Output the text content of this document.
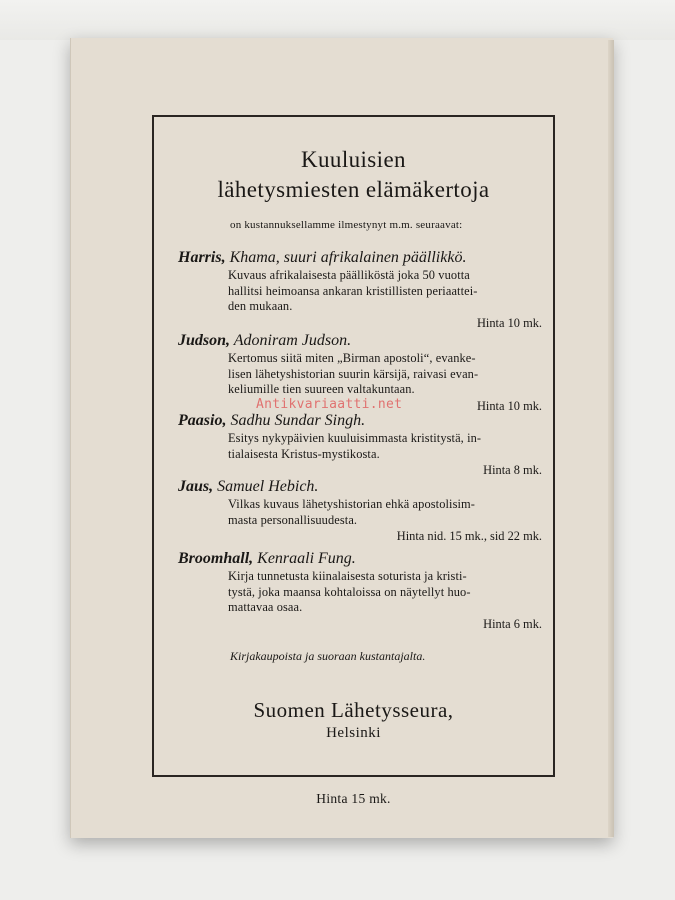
Kuuluisien
lähetysmiesten elämäkertoja
on kustannuksellamme ilmestynyt m.m. seuraavat:
Harris, Khama, suuri afrikalainen päällikkö.
Kuvaus afrikalaisesta päälliköstä joka 50 vuotta
hallitsi heimoansa ankaran kristillisten periaattei-
den mukaan.
Hinta 10 mk.
Judson, Adoniram Judson.
Kertomus siitä miten „Birman apostoli“, evanke-
lisen lähetyshistorian suurin kärsijä, raivasi evan-
keliumille tien suureen valtakuntaan.
Hinta 10 mk.
Paasio, Sadhu Sundar Singh.
Esitys nykypäivien kuuluisimmasta kristitystä, in-
tialaisesta Kristus-mystikosta.
Hinta 8 mk.
Jaus, Samuel Hebich.
Vilkas kuvaus lähetyshistorian ehkä apostolisim-
masta personallisuudesta.
Hinta nid. 15 mk., sid 22 mk.
Broomhall, Kenraali Fung.
Kirja tunnetusta kiinalaisesta soturista ja kristi-
tystä, joka maansa kohtaloissa on näytellyt huo-
mattavaa osaa.
Hinta 6 mk.
Kirjakaupoista ja suoraan kustantajalta.
Suomen Lähetysseura,
Helsinki
Hinta 15 mk.
Antikvariaatti.net
